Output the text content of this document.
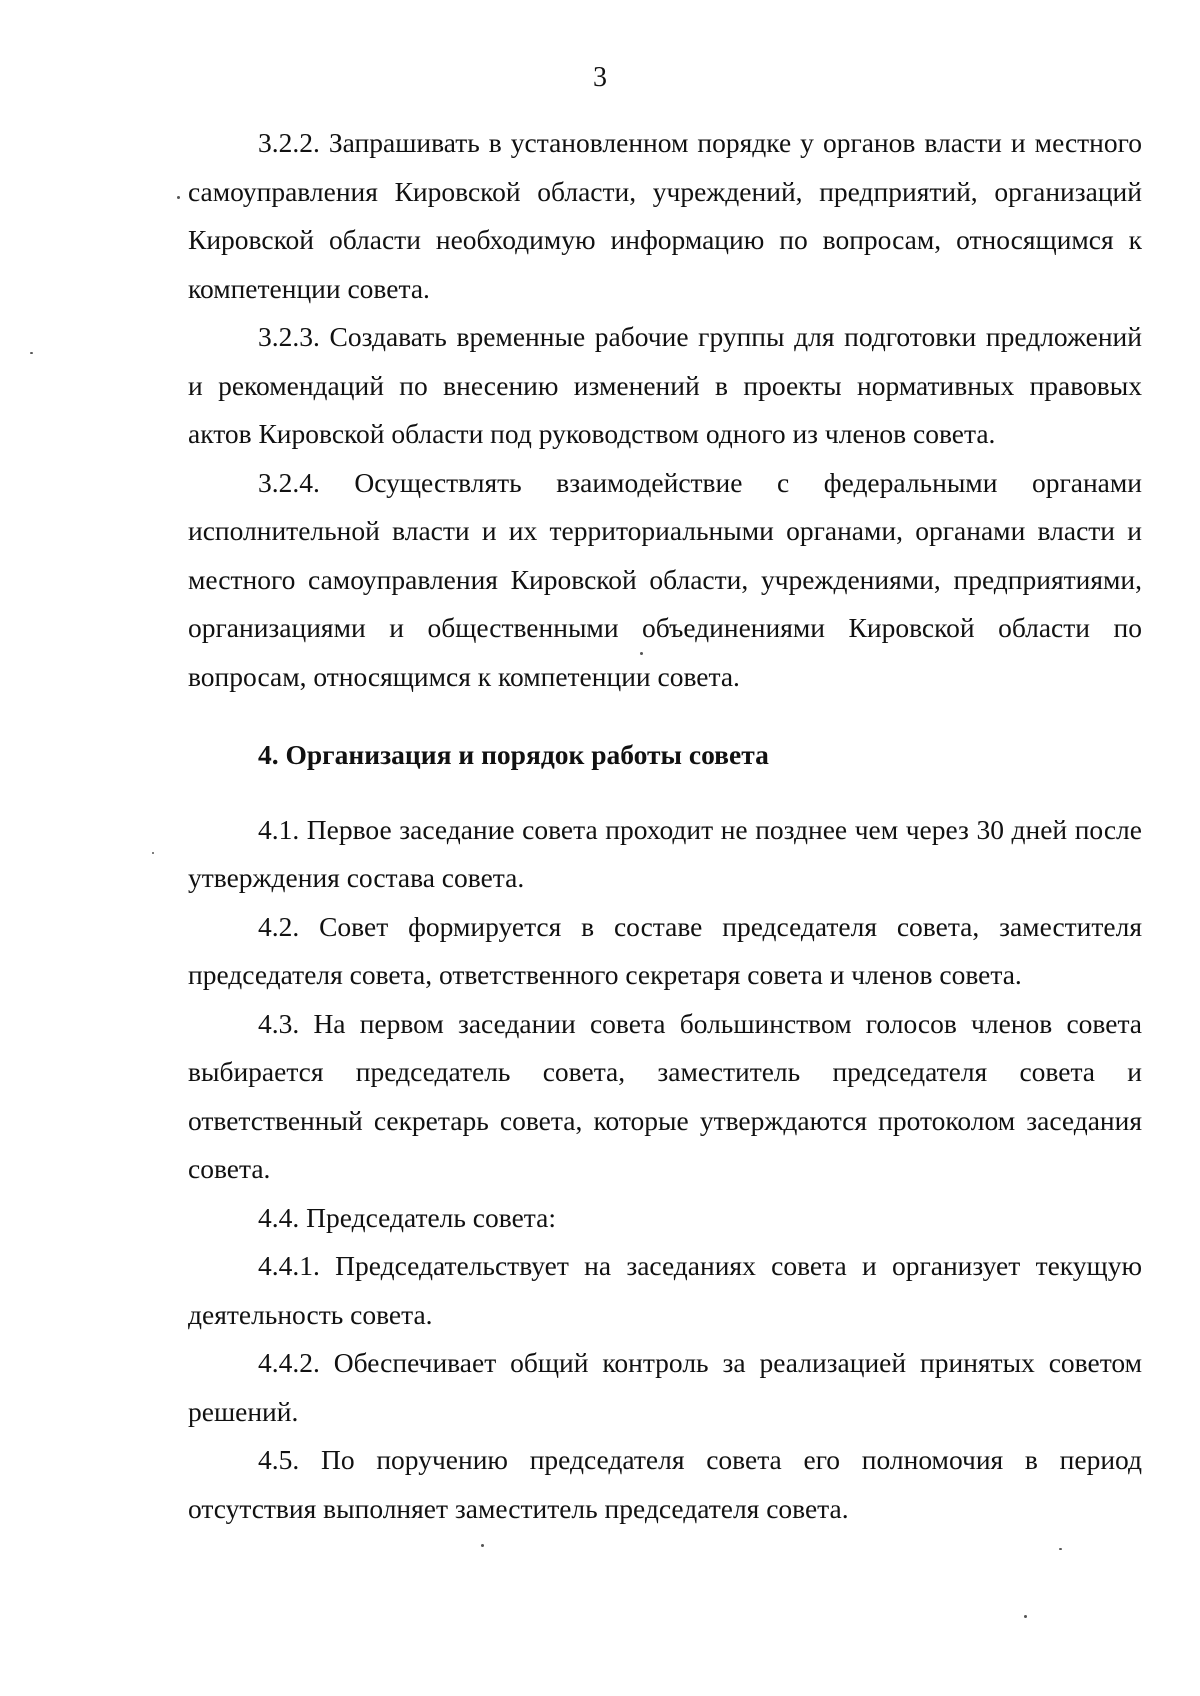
3

3.2.2. Запрашивать в установленном порядке у органов власти и местного самоуправления Кировской области, учреждений, предприятий, организаций Кировской области необходимую информацию по вопросам, относящимся к компетенции совета.

3.2.3. Создавать временные рабочие группы для подготовки предложений и рекомендаций по внесению изменений в проекты нормативных правовых актов Кировской области под руководством одного из членов совета.

3.2.4. Осуществлять взаимодействие с федеральными органами исполнительной власти и их территориальными органами, органами власти и местного самоуправления Кировской области, учреждениями, предприятиями, организациями и общественными объединениями Кировской области по вопросам, относящимся к компетенции совета.

4. Организация и порядок работы совета

4.1. Первое заседание совета проходит не позднее чем через 30 дней после утверждения состава совета.

4.2. Совет формируется в составе председателя совета, заместителя председателя совета, ответственного секретаря совета и членов совета.

4.3. На первом заседании совета большинством голосов членов совета выбирается председатель совета, заместитель председателя совета и ответственный секретарь совета, которые утверждаются протоколом заседания совета.

4.4. Председатель совета:

4.4.1. Председательствует на заседаниях совета и организует текущую деятельность совета.

4.4.2. Обеспечивает общий контроль за реализацией принятых советом решений.

4.5. По поручению председателя совета его полномочия в период отсутствия выполняет заместитель председателя совета.
